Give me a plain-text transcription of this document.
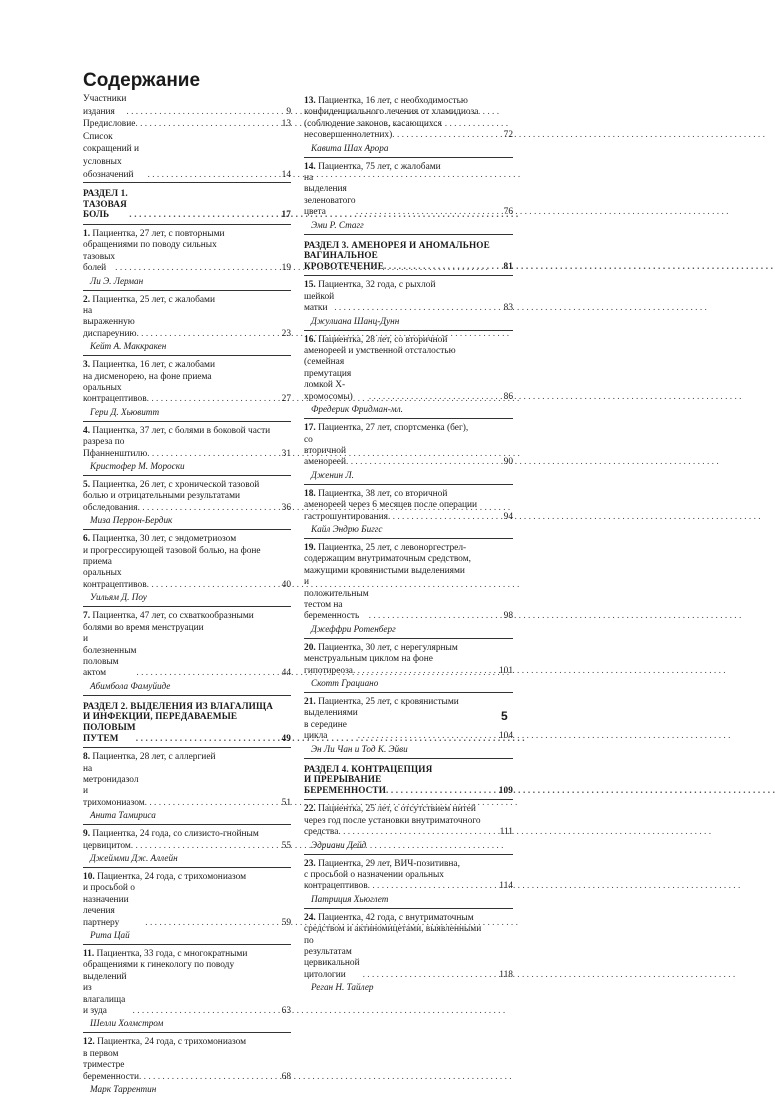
Содержание
Участники издания . . .	9
Предисловие . . .	13
Список сокращений и условных обозначений . . .	14
РАЗДЕЛ 1. ТАЗОВАЯ БОЛЬ . . .	17
1. Пациентка, 27 лет, с повторными
обращениями по поводу сильных
тазовых болей . . .	19
Ли Э. Лерман
2. Пациентка, 25 лет, с жалобами
на выраженную диспареунию . . .	23
Кейт А. Маккракен
3. Пациентка, 16 лет, с жалобами
на дисменорею, на фоне приема
оральных контрацептивов . . .	27
Гери Д. Хьювитт
4. Пациентка, 37 лет, с болями в боковой части
разреза по Пфанненштилю . . .	31
Кристофер М. Мороски
5. Пациентка, 26 лет, с хронической тазовой
болью и отрицательными результатами
обследования . . .	36
Миза Перрон-Бердик
6. Пациентка, 30 лет, с эндометриозом
и прогрессирующей тазовой болью, на фоне
приема оральных контрацептивов . . .	40
Уильям Д. Поу
7. Пациентка, 47 лет, со схваткообразными
болями во время менструации
и болезненным половым актом . . .	44
Абимбола Фамуйиде
РАЗДЕЛ 2. ВЫДЕЛЕНИЯ ИЗ ВЛАГАЛИЩА
И ИНФЕКЦИИ, ПЕРЕДАВАЕМЫЕ
ПОЛОВЫМ ПУТЕМ . . .	49
8. Пациентка, 28 лет, с аллергией
на метронидазол и трихомониазом . . .	51
Анита Тамириса
9. Пациентка, 24 года, со слизисто-гнойным
цервицитом . . .	55
Джеймми Дж. Аллейн
10. Пациентка, 24 года, с трихомониазом
и просьбой о назначении лечения партнеру . . .	59
Рита Цай
11. Пациентка, 33 года, с многократными
обращениями к гинекологу по поводу
выделений из влагалища и зуда . . .	63
Шелли Холмстром
12. Пациентка, 24 года, с трихомониазом
в первом триместре беременности . . .	68
Марк Таррентин
13. Пациентка, 16 лет, с необходимостью
конфиденциального лечения от хламидиоза
(соблюдение законов, касающихся
несовершеннолетних) . . .	72
Кавита Шах Арора
14. Пациентка, 75 лет, с жалобами
на выделения зеленоватого цвета . . .	76
Эми Р. Стагг
РАЗДЕЛ 3. АМЕНОРЕЯ И АНОМАЛЬНОЕ
ВАГИНАЛЬНОЕ КРОВОТЕЧЕНИЕ . . .	81
15. Пациентка, 32 года, с рыхлой
шейкой матки . . .	83
Джулиана Шанц-Дунн
16. Пациентка, 28 лет, со вторичной
аменореей и умственной отсталостью
(семейная премутация ломкой X-хромосомы) . . .	86
Фредерик Фридман-мл.
17. Пациентка, 27 лет, спортсменка (бег),
со вторичной аменореей . . .	90
Дженин Л.
18. Пациентка, 38 лет, со вторичной
аменореей через 6 месяцев после операции
гастрошунтирования . . .	94
Кайл Эндрю Биггс
19. Пациентка, 25 лет, с левоноргестрел-
содержащим внутриматочным средством,
мажущими кровянистыми выделениями
и положительным тестом на беременность . . .	98
Джеффри Ротенберг
20. Пациентка, 30 лет, с нерегулярным
менструальным циклом на фоне
гипотиреоза . . .	101
Скотт Грациано
21. Пациентка, 25 лет, с кровянистыми
выделениями в середине цикла . . .	104
Эн Ли Чан и Тод К. Эйви
РАЗДЕЛ 4. КОНТРАЦЕПЦИЯ
И ПРЕРЫВАНИЕ БЕРЕМЕННОСТИ . . .	109
22. Пациентка, 25 лет, с отсутствием нитей
через год после установки внутриматочного
средства . . .	111
Эдриани Дейд
23. Пациентка, 29 лет, ВИЧ-позитивна,
с просьбой о назначении оральных
контрацептивов . . .	114
Патриция Хьюглет
24. Пациентка, 42 года, с внутриматочным
средством и актиномицетами, выявленными
по результатам цервикальной цитологии . . .	118
Реган Н. Тайлер
5
